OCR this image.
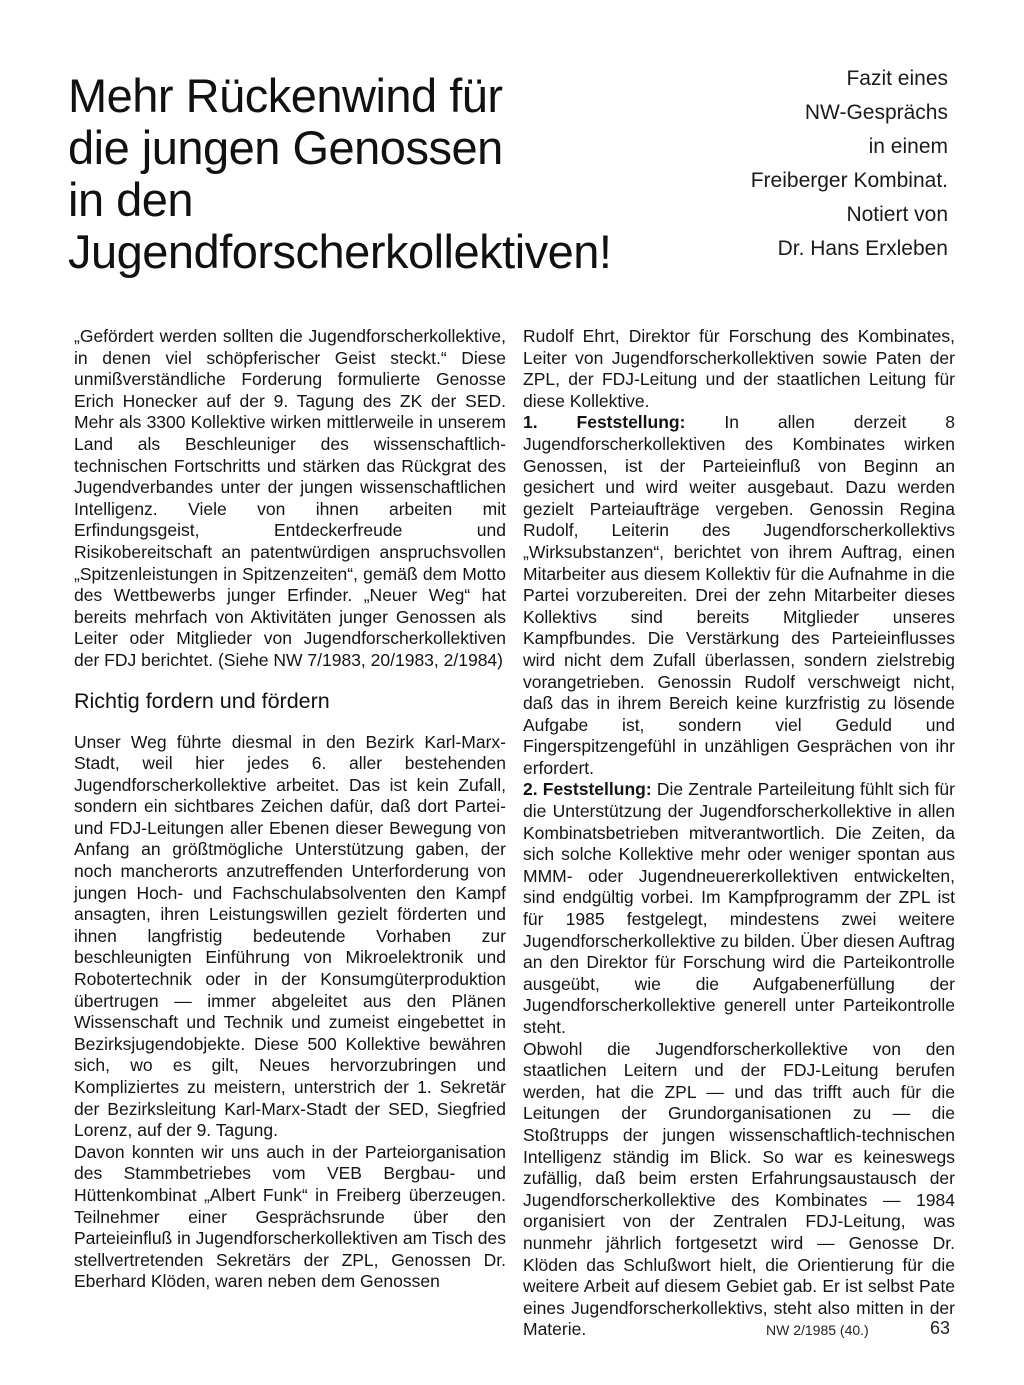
Mehr Rückenwind für
die jungen Genossen
in den
Jugendforscherkollektiven!
Fazit eines
NW-Gesprächs
in einem
Freiberger Kombinat.
Notiert von
Dr. Hans Erxleben

„Gefördert werden sollten die Jugendforscherkollektive, in denen viel schöpferischer Geist steckt.“ Diese unmißverständliche Forderung formulierte Genosse Erich Honecker auf der 9. Tagung des ZK der SED. Mehr als 3300 Kollektive wirken mittlerweile in unserem Land als Beschleuniger des wissenschaftlich-technischen Fortschritts und stärken das Rückgrat des Jugendverbandes unter der jungen wissenschaftlichen Intelligenz. Viele von ihnen arbeiten mit Erfindungsgeist, Entdeckerfreude und Risikobereitschaft an patentwürdigen anspruchsvollen „Spitzenleistungen in Spitzenzeiten“, gemäß dem Motto des Wettbewerbs junger Erfinder. „Neuer Weg“ hat bereits mehrfach von Aktivitäten junger Genossen als Leiter oder Mitglieder von Jugendforscherkollektiven der FDJ berichtet. (Siehe NW 7/1983, 20/1983, 2/1984)

Richtig fordern und fördern

Unser Weg führte diesmal in den Bezirk Karl-Marx-Stadt, weil hier jedes 6. aller bestehenden Jugendforscherkollektive arbeitet. Das ist kein Zufall, sondern ein sichtbares Zeichen dafür, daß dort Partei- und FDJ-Leitungen aller Ebenen dieser Bewegung von Anfang an größtmögliche Unterstützung gaben, der noch mancherorts anzutreffenden Unterforderung von jungen Hoch- und Fachschulabsolventen den Kampf ansagten, ihren Leistungswillen gezielt förderten und ihnen langfristig bedeutende Vorhaben zur beschleunigten Einführung von Mikroelektronik und Robotertechnik oder in der Konsumgüterproduktion übertrugen — immer abgeleitet aus den Plänen Wissenschaft und Technik und zumeist eingebettet in Bezirksjugendobjekte. Diese 500 Kollektive bewähren sich, wo es gilt, Neues hervorzubringen und Kompliziertes zu meistern, unterstrich der 1. Sekretär der Bezirksleitung Karl-Marx-Stadt der SED, Siegfried Lorenz, auf der 9. Tagung.

Davon konnten wir uns auch in der Parteiorganisation des Stammbetriebes vom VEB Bergbau- und Hüttenkombinat „Albert Funk“ in Freiberg überzeugen. Teilnehmer einer Gesprächsrunde über den Parteieinfluß in Jugendforscherkollektiven am Tisch des stellvertretenden Sekretärs der ZPL, Genossen Dr. Eberhard Klöden, waren neben dem Genossen

Rudolf Ehrt, Direktor für Forschung des Kombinates, Leiter von Jugendforscherkollektiven sowie Paten der ZPL, der FDJ-Leitung und der staatlichen Leitung für diese Kollektive.

1. Feststellung: In allen derzeit 8 Jugendforscherkollektiven des Kombinates wirken Genossen, ist der Parteieinfluß von Beginn an gesichert und wird weiter ausgebaut. Dazu werden gezielt Parteiaufträge vergeben. Genossin Regina Rudolf, Leiterin des Jugendforscherkollektivs „Wirksubstanzen“, berichtet von ihrem Auftrag, einen Mitarbeiter aus diesem Kollektiv für die Aufnahme in die Partei vorzubereiten. Drei der zehn Mitarbeiter dieses Kollektivs sind bereits Mitglieder unseres Kampfbundes. Die Verstärkung des Parteieinflusses wird nicht dem Zufall überlassen, sondern zielstrebig vorangetrieben. Genossin Rudolf verschweigt nicht, daß das in ihrem Bereich keine kurzfristig zu lösende Aufgabe ist, sondern viel Geduld und Fingerspitzengefühl in unzähligen Gesprächen von ihr erfordert.

2. Feststellung: Die Zentrale Parteileitung fühlt sich für die Unterstützung der Jugendforscherkollektive in allen Kombinatsbetrieben mitverantwortlich. Die Zeiten, da sich solche Kollektive mehr oder weniger spontan aus MMM- oder Jugendneuererkollektiven entwickelten, sind endgültig vorbei. Im Kampfprogramm der ZPL ist für 1985 festgelegt, mindestens zwei weitere Jugendforscherkollektive zu bilden. Über diesen Auftrag an den Direktor für Forschung wird die Parteikontrolle ausgeübt, wie die Aufgabenerfüllung der Jugendforscherkollektive generell unter Parteikontrolle steht.

Obwohl die Jugendforscherkollektive von den staatlichen Leitern und der FDJ-Leitung berufen werden, hat die ZPL — und das trifft auch für die Leitungen der Grundorganisationen zu — die Stoßtrupps der jungen wissenschaftlich-technischen Intelligenz ständig im Blick. So war es keineswegs zufällig, daß beim ersten Erfahrungsaustausch der Jugendforscherkollektive des Kombinates — 1984 organisiert von der Zentralen FDJ-Leitung, was nunmehr jährlich fortgesetzt wird — Genosse Dr. Klöden das Schlußwort hielt, die Orientierung für die weitere Arbeit auf diesem Gebiet gab. Er ist selbst Pate eines Jugendforscherkollektivs, steht also mitten in der Materie.	NW 2/1985 (40.)	63
